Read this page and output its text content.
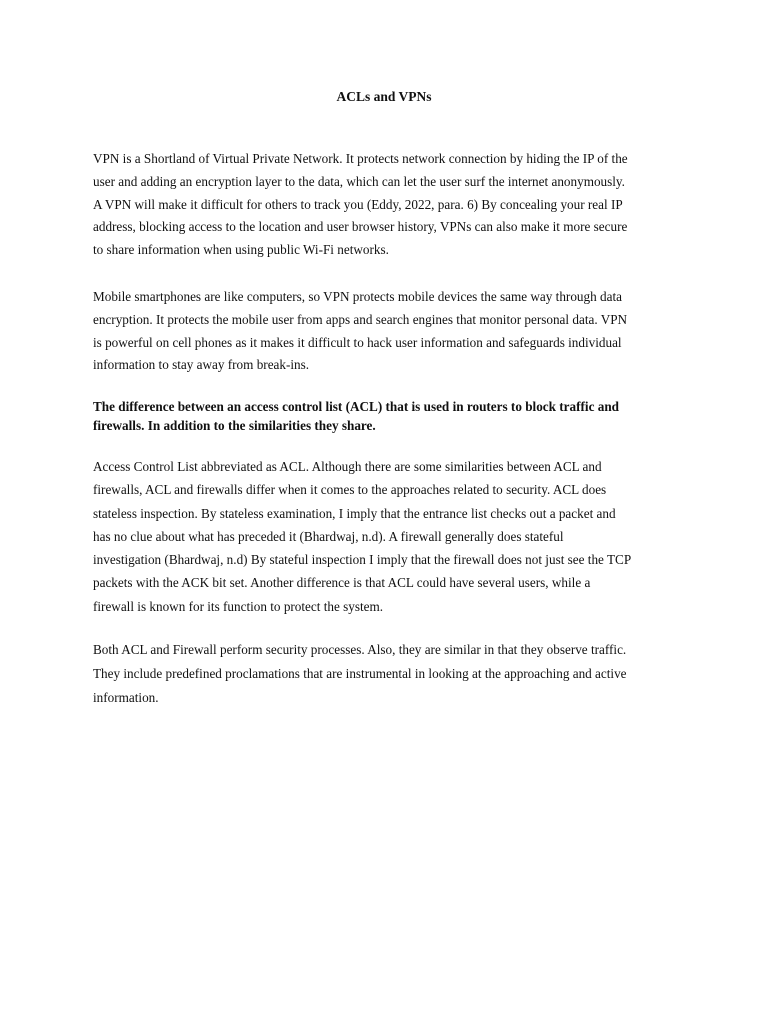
ACLs and VPNs

VPN is a Shortland of Virtual Private Network. It protects network connection by hiding the IP of the
user and adding an encryption layer to the data, which can let the user surf the internet anonymously.
A VPN will make it difficult for others to track you (Eddy, 2022, para. 6) By concealing your real IP
address, blocking access to the location and user browser history, VPNs can also make it more secure
to share information when using public Wi-Fi networks.

Mobile smartphones are like computers, so VPN protects mobile devices the same way through data
encryption. It protects the mobile user from apps and search engines that monitor personal data. VPN
is powerful on cell phones as it makes it difficult to hack user information and safeguards individual
information to stay away from break-ins.

The difference between an access control list (ACL) that is used in routers to block traffic and
firewalls. In addition to the similarities they share.

Access Control List abbreviated as ACL. Although there are some similarities between ACL and
firewalls, ACL and firewalls differ when it comes to the approaches related to security. ACL does
stateless inspection. By stateless examination, I imply that the entrance list checks out a packet and
has no clue about what has preceded it (Bhardwaj, n.d). A firewall generally does stateful
investigation (Bhardwaj, n.d) By stateful inspection I imply that the firewall does not just see the TCP
packets with the ACK bit set. Another difference is that ACL could have several users, while a
firewall is known for its function to protect the system.

Both ACL and Firewall perform security processes. Also, they are similar in that they observe traffic.
They include predefined proclamations that are instrumental in looking at the approaching and active
information.
